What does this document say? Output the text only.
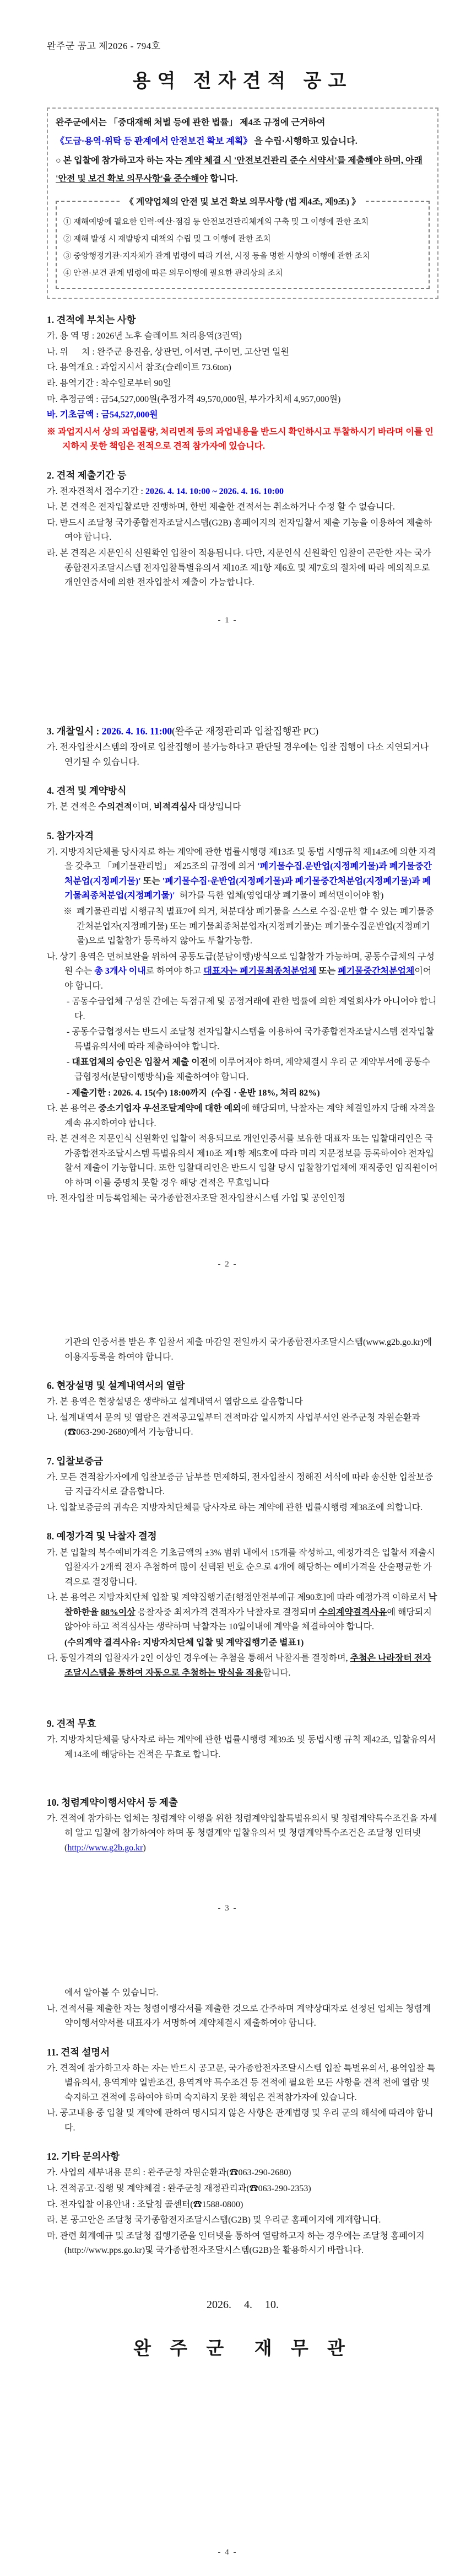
완주군 공고 제2026 - 794호
용역 전자견적 공고
완주군에서는 「중대재해 처벌 등에 관한 법률」 제4조 규정에 근거하여
《도급·용역·위탁 등 관계에서 안전보건 확보 계획》 을 수립·시행하고 있습니다.
○ 본 입찰에 참가하고자 하는 자는 계약 체결 시 '안전보건관리 준수 서약서'를 제출해야 하며, 아래 '안전 및 보건 확보 의무사항'을 준수해야 합니다.
《 계약업체의 안전 및 보건 확보 의무사항 (법 제4조, 제9조) 》
① 재해예방에 필요한 인력·예산·점검 등 안전보건관리체계의 구축 및 그 이행에 관한 조치
② 재해 발생 시 재발방지 대책의 수립 및 그 이행에 관한 조치
③ 중앙행정기관·지자체가 관계 법령에 따라 개선, 시정 등을 명한 사항의 이행에 관한 조치
④ 안전·보건 관계 법령에 따른 의무이행에 필요한 관리상의 조치
1. 견적에 부치는 사항
가. 용 역 명 : 2026년 노후 슬레이트 처리용역(3권역)
나. 위      치 : 완주군 용진읍, 상관면, 이서면, 구이면, 고산면 일원
다. 용역개요 : 과업지시서 참조(슬레이트 73.6ton)
라. 용역기간 : 착수일로부터 90일
마. 추정금액 : 금54,527,000원(추정가격 49,570,000원, 부가가치세 4,957,000원)
바. 기초금액 : 금54,527,000원
※ 과업지시서 상의 과업물량, 처리면적 등의 과업내용을 반드시 확인하시고 투찰하시기 바라며 이를 인지하지 못한 책임은 전적으로 견적 참가자에 있습니다.
2. 견적 제출기간 등
가. 전자견적서 접수기간 : 2026. 4. 14. 10:00 ~ 2026. 4. 16. 10:00
나. 본 견적은 전자입찰로만 진행하며, 한번 제출한 견적서는 취소하거나 수정 할 수 없습니다.
다. 반드시 조달청 국가종합전자조달시스템(G2B) 홈페이지의 전자입찰서 제출 기능을 이용하여 제출하여야 합니다.
라. 본 견적은 지문인식 신원확인 입찰이 적용됩니다. 다만, 지문인식 신원확인 입찰이 곤란한 자는 국가종합전자조달시스템 전자입찰특별유의서 제10조 제1항 제6호 및 제7호의 절차에 따라 예외적으로 개인인증서에 의한 전자입찰서 제출이 가능합니다.
- 1 -
3. 개찰일시 : 2026. 4. 16. 11:00(완주군 재정관리과 입찰집행관 PC)
가. 전자입찰시스템의 장애로 입찰집행이 불가능하다고 판단될 경우에는 입찰 집행이 다소 지연되거나 연기될 수 있습니다.
4. 견적 및 계약방식
가. 본 견적은 수의견적이며, 비적격심사 대상입니다
5. 참가자격
가. 지방자치단체를 당사자로 하는 계약에 관한 법률시행령 제13조 및 동법 시행규칙 제14조에 의한 자격을 갖추고 「폐기물관리법」 제25조의 규정에 의거 '폐기물수집.운반업(지정폐기물)과 폐기물중간처분업(지정폐기물)' 또는 '폐기물수집·운반업(지정폐기물)과 폐기물중간처분업(지정폐기물)과 폐기물최종처분업(지정폐기물)'  허가를 득한 업체(영업대상 폐기물이 폐석면이어야 함)
※  폐기물관리법 시행규칙 별표7에 의거, 처분대상 폐기물을 스스로 수집·운반 할 수 있는 폐기물중간처분업자(지정폐기물) 또는 폐기물최종처분업자(지정폐기물)는 폐기물수집운반업(지정폐기물)으로 입찰참가 등록하지 않아도 투찰가능함.
나. 상기 용역은 면허보완을 위하여 공동도급(분담이행)방식으로 입찰참가 가능하며, 공동수급체의 구성원 수는 총 3개사 이내로 하여야 하고 대표자는 폐기물최종처분업체 또는 폐기물중간처분업체이어야 합니다.
- 공동수급업체 구성원 간에는 독점규제 및 공정거래에 관한 법률에 의한 계열회사가 아니어야 합니다.
- 공동수급협정서는 반드시 조달청 전자입찰시스템을 이용하여 국가종합전자조달시스템 전자입찰특별유의서에 따라 제출하여야 합니다.
- 대표업체의 승인은 입찰서 제출 이전에 이루어져야 하며, 계약체결시 우리 군 계약부서에 공동수급협정서(분담이행방식)을 제출하여야 합니다.
- 제출기한 : 2026. 4. 15(수) 18:00까지  (수집 · 운반 18%, 처리 82%)
다. 본 용역은 중소기업자 우선조달계약에 대한 예외에 해당되며, 낙찰자는 계약 체결일까지 당해 자격을 계속 유지하여야 합니다.
라. 본 견적은 지문인식 신원확인 입찰이 적용되므로 개인인증서를 보유한 대표자 또는 입찰대리인은 국가종합전자조달시스템 특별유의서 제10조 제1항 제5호에 따라 미리 지문정보를 등록하여야 전자입찰서 제출이 가능합니다. 또한 입찰대리인은 반드시 입찰 당시 입찰참가업체에 재직중인 임직원이어야 하며 이를 증명치 못할 경우 해당 견적은 무효입니다
마. 전자입찰 미등록업체는 국가종합전자조달 전자입찰시스템 가입 및 공인인정
- 2 -
기관의 인증서를 받은 후 입찰서 제출 마감일 전일까지 국가종합전자조달시스템(www.g2b.go.kr)에 이용자등록을 하여야 합니다.
6. 현장설명 및 설계내역서의 열람
가. 본 용역은 현장설명은 생략하고 설계내역서 열람으로 갈음합니다
나. 설계내역서 문의 및 열람은 견적공고일부터 견적마감 일시까지 사업부서인 완주군청 자원순환과(☎063-290-2680)에서 가능합니다.
7. 입찰보증금
가. 모든 견적참가자에게 입찰보증금 납부를 면제하되, 전자입찰시 정해진 서식에 따라 송신한 입찰보증금 지급각서로 갈음합니다.
나. 입찰보증금의 귀속은 지방자치단체를 당사자로 하는 계약에 관한 법률시행령 제38조에 의합니다.
8. 예정가격 및 낙찰자 결정
가. 본 입찰의 복수예비가격은 기초금액의 ±3% 범위 내에서 15개를 작성하고, 예정가격은 입찰서 제출시 입찰자가 2개씩 전자 추첨하여 많이 선택된 번호 순으로 4개에 해당하는 예비가격을 산술평균한 가격으로 결정합니다.
나. 본 용역은 지방자치단체 입찰 및 계약집행기준[행정안전부예규 제90호]에 따라 예정가격 이하로서 낙찰하한율 88%이상 응찰자중 최저가격 견적자가 낙찰자로 결정되며 수의계약결격사유에 해당되지 않아야 하고 적격심사는 생략하며 낙찰자는 10일이내에 계약을 체결하여야 합니다.
(수의계약 결격사유: 지방자치단체 입찰 및 계약집행기준 별표1)
다. 동일가격의 입찰자가 2인 이상인 경우에는 추첨을 통해서 낙찰자를 결정하며, 추첨은 나라장터 전자조달시스템을 통하여 자동으로 추첨하는 방식을 적용합니다.
9. 견적 무효
가. 지방자치단체를 당사자로 하는 계약에 관한 법률시행령 제39조 및 동법시행 규칙 제42조, 입찰유의서 제14조에 해당하는 견적은 무효로 합니다.
10. 청렴계약이행서약서 등 제출
가. 견적에 참가하는 업체는 청렴계약 이행을 위한 청렴계약입찰특별유의서 및 청렴계약특수조건을 자세히 알고 입찰에 참가하여야 하며 동 청렴계약 입찰유의서 및 청렴계약특수조건은 조달청 인터넷(http://www.g2b.go.kr)
- 3 -
에서 알아볼 수 있습니다.
나. 견적서를 제출한 자는 청렴이행각서를 제출한 것으로 간주하며 계약상대자로 선정된 업체는 청렴계약이행서약서를 대표자가 서명하여 계약체결시 제출하여야 합니다.
11. 견적 설명서
가. 견적에 참가하고자 하는 자는 반드시 공고문, 국가종합전자조달시스템 입찰 특별유의서, 용역입찰 특별유의서, 용역계약 일반조건, 용역계약 특수조건 등 견적에 필요한 모든 사항을 견적 전에 열람 및 숙지하고 견적에 응하여야 하며 숙지하지 못한 책임은 견적참가자에 있습니다.
나. 공고내용 중 입찰 및 계약에 관하여 명시되지 않은 사항은 관계법령 및 우리 군의 해석에 따라야 합니다.
12. 기타 문의사항
가. 사업의 세부내용 문의 : 완주군청 자원순환과(☎063-290-2680)
나. 견적공고·집행 및 계약체결 : 완주군청 재정관리과(☎063-290-2353)
다. 전자입찰 이용안내 : 조달청 콜센터(☎1588-0800)
라. 본 공고안은 조달청 국가종합전자조달시스템(G2B) 및 우리군 홈페이지에 게재합니다.
마. 관련 회계예규 및 조달청 집행기준을 인터넷을 통하여 열람하고자 하는 경우에는 조달청 홈페이지(http://www.pps.go.kr)및 국가종합전자조달시스템(G2B)을 활용하시기 바랍니다.
2026. 4. 10.
완 주 군  재 무 관
- 4 -
